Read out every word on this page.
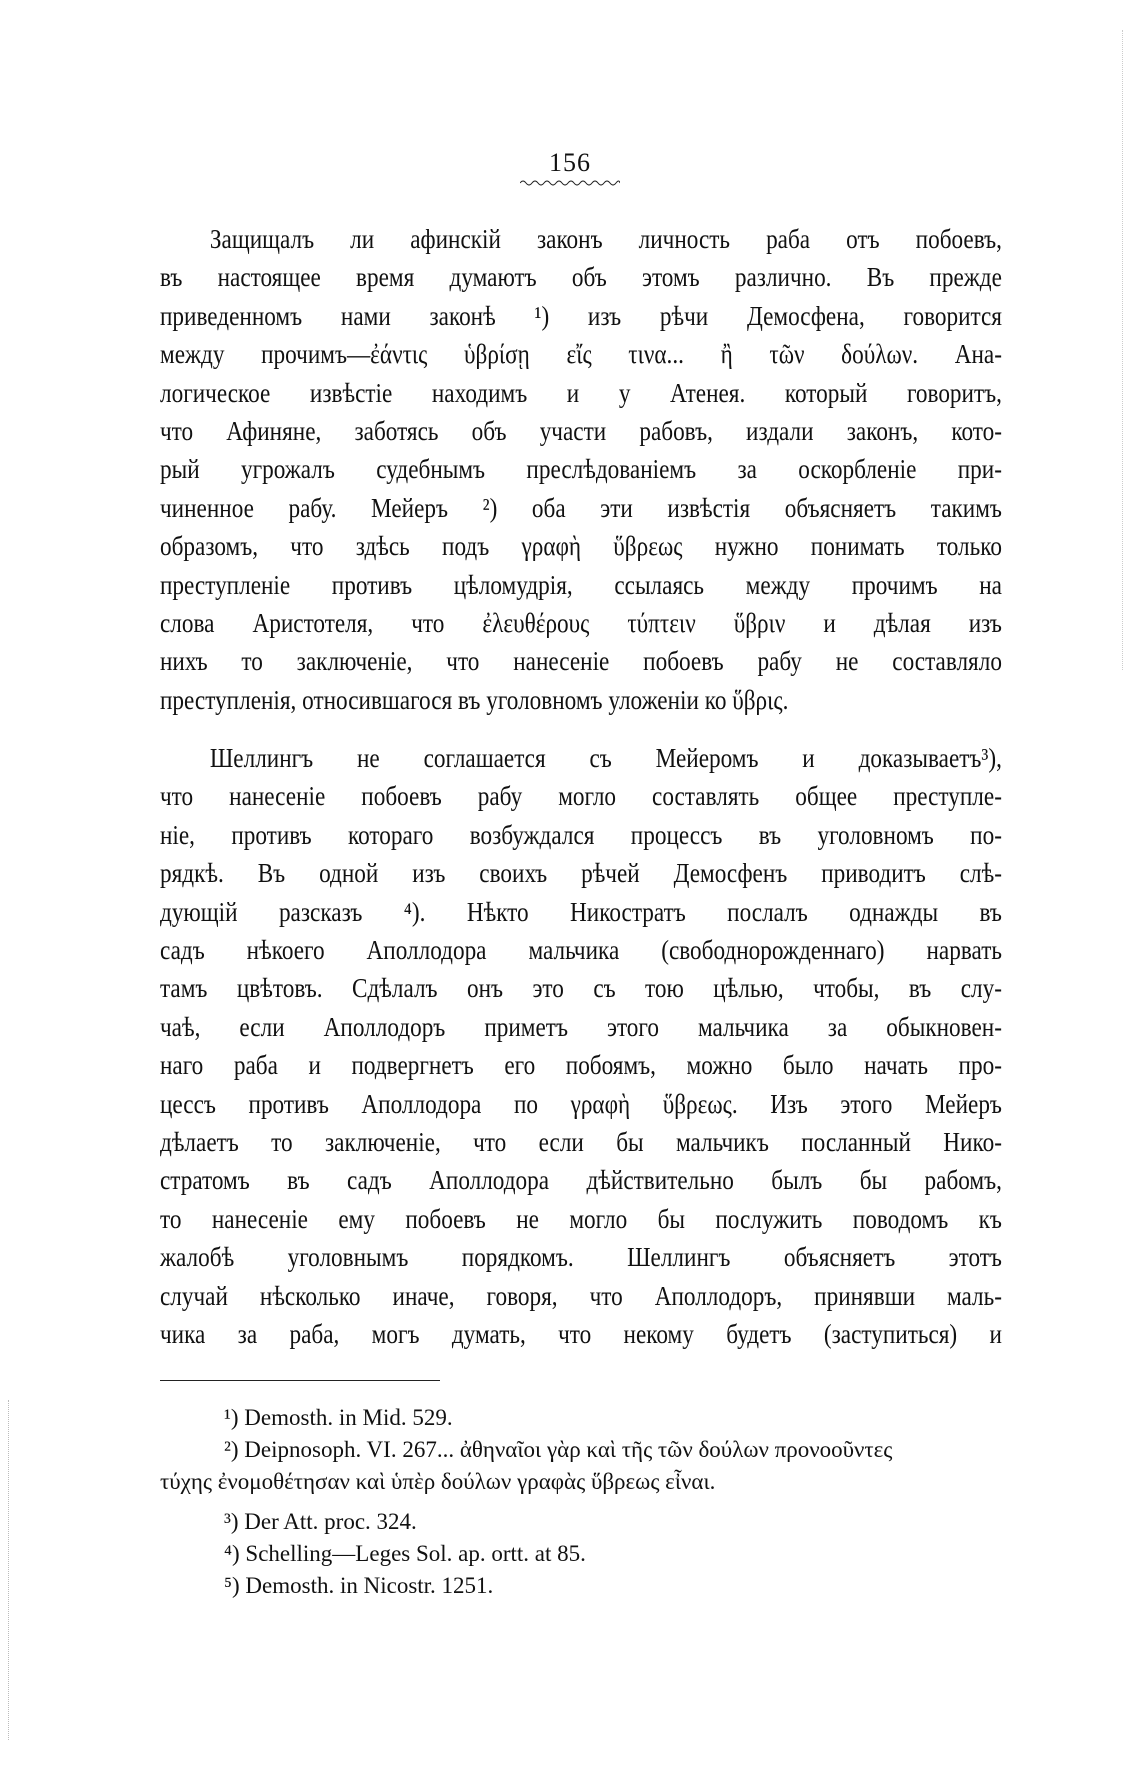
156
Защищалъ ли афинскій законъ личность раба отъ побоевъ,
въ настоящее время думаютъ объ этомъ различно. Въ прежде
приведенномъ нами законѣ ¹) изъ рѣчи Демосфена, говорится
между прочимъ—ἐάντις ὑβρίσῃ εἴς τινα... ἢ τῶν δούλων. Ана-
логическое извѣстіе находимъ и у Атенея. который говоритъ,
что Афиняне, заботясь объ участи рабовъ, издали законъ, кото-
рый угрожалъ судебнымъ преслѣдованіемъ за оскорбленіе при-
чиненное рабу. Мейеръ ²) оба эти извѣстія объясняетъ такимъ
образомъ, что здѣсь подъ γραφὴ ὕβρεως нужно понимать только
преступленіе противъ цѣломудрія, ссылаясь между прочимъ на
слова Аристотеля, что ἐλευθέρους τύπτειν ὕβριν и дѣлая изъ
нихъ то заключеніе, что нанесеніе побоевъ рабу не составляло
преступленія, относившагося въ уголовномъ уложеніи ко ὕβρις.
Шеллингъ не соглашается съ Мейеромъ и доказываетъ³),
что нанесеніе побоевъ рабу могло составлять общее преступле-
ніе, противъ котораго возбуждался процессъ въ уголовномъ по-
рядкѣ. Въ одной изъ своихъ рѣчей Демосфенъ приводитъ слѣ-
дующій разсказъ ⁴). Нѣкто Никостратъ послалъ однажды въ
садъ нѣкоего Аполлодора мальчика (свободнорожденнаго) нарвать
тамъ цвѣтовъ. Сдѣлалъ онъ это съ тою цѣлью, чтобы, въ слу-
чаѣ, если Аполлодоръ приметъ этого мальчика за обыкновен-
наго раба и подвергнетъ его побоямъ, можно было начать про-
цессъ противъ Аполлодора по γραφὴ ὕβρεως. Изъ этого Мейеръ
дѣлаетъ то заключеніе, что если бы мальчикъ посланный Нико-
стратомъ въ садъ Аполлодора дѣйствительно былъ бы рабомъ,
то нанесеніе ему побоевъ не могло бы послужить поводомъ къ
жалобѣ уголовнымъ порядкомъ. Шеллингъ объясняетъ этотъ
случай нѣсколько иначе, говоря, что Аполлодоръ, принявши маль-
чика за раба, могъ думать, что некому будетъ (заступиться) и
¹) Demosth. in Mid. 529.
²) Deipnosoph. VI. 267... ἀθηναῖοι γὰρ καὶ τῆς τῶν δούλων προνοοῦντες
τύχης ἐνομοθέτησαν καὶ ὑπὲρ δούλων γραφὰς ὕβρεως εἶναι.
³) Der Att. proc. 324.
⁴) Schelling—Leges Sol. ap. ortt. at 85.
⁵) Demosth. in Nicostr. 1251.
